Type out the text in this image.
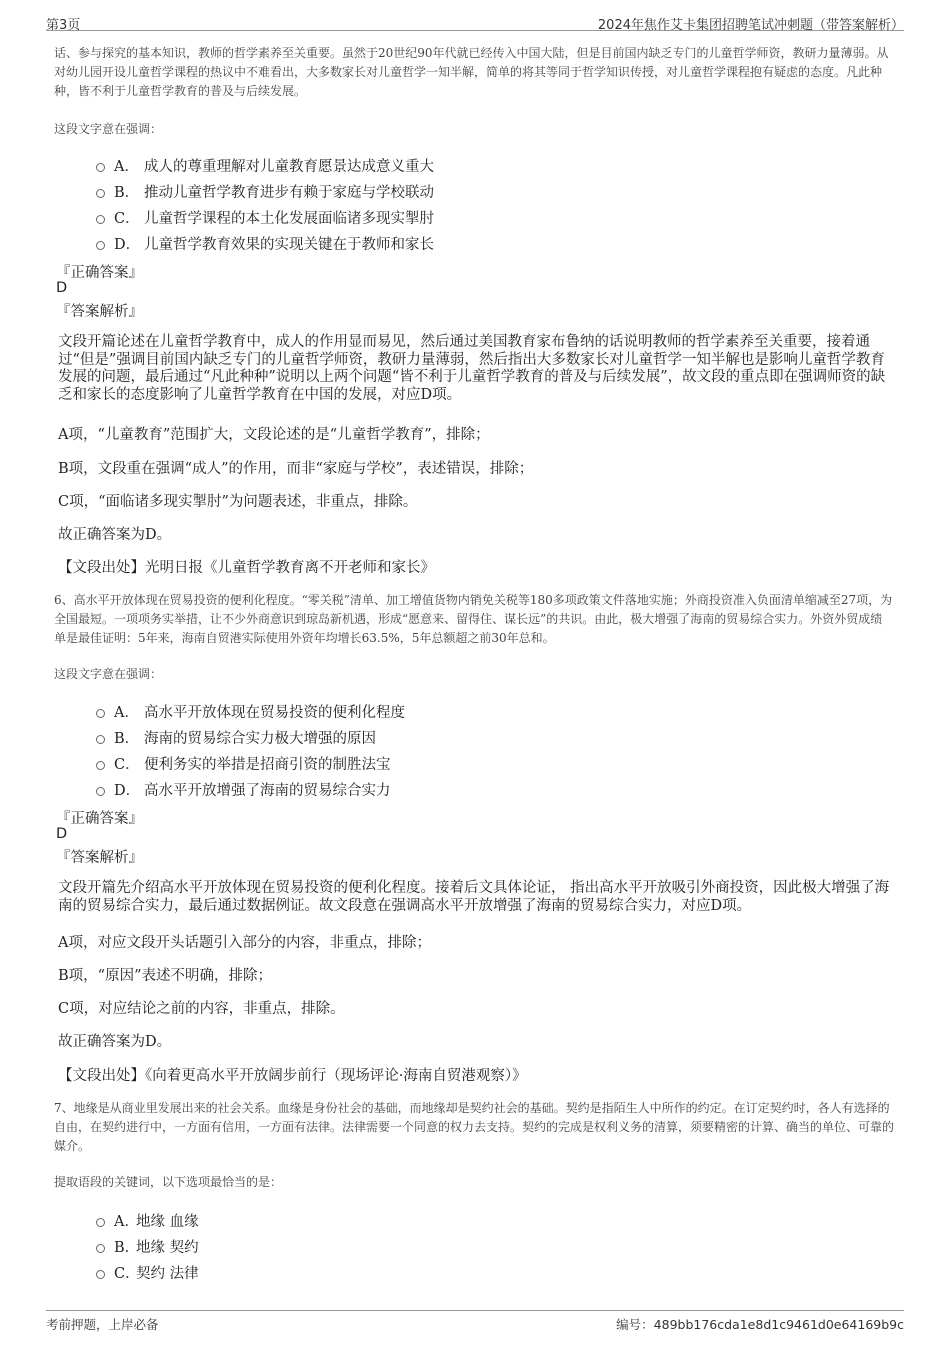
第3页	2024年焦作艾卡集团招聘笔试冲刺题（带答案解析）

话、参与探究的基本知识，教师的哲学素养至关重要。虽然于20世纪90年代就已经传入中国大陆，但是目前国内缺乏专门的儿童哲学师资，教研力量薄弱。从对幼儿园开设儿童哲学课程的热议中不难看出，大多数家长对儿童哲学一知半解，简单的将其等同于哲学知识传授，对儿童哲学课程抱有疑虑的态度。凡此种种，皆不利于儿童哲学教育的普及与后续发展。

这段文字意在强调：
A． 成人的尊重理解对儿童教育愿景达成意义重大
B． 推动儿童哲学教育进步有赖于家庭与学校联动
C． 儿童哲学课程的本土化发展面临诸多现实掣肘
D． 儿童哲学教育效果的实现关键在于教师和家长
『正确答案』
D
『答案解析』

文段开篇论述在儿童哲学教育中，成人的作用显而易见，然后通过美国教育家布鲁纳的话说明教师的哲学素养至关重要，接着通过“但是”强调目前国内缺乏专门的儿童哲学师资，教研力量薄弱，然后指出大多数家长对儿童哲学一知半解也是影响儿童哲学教育发展的问题，最后通过“凡此种种”说明以上两个问题“皆不利于儿童哲学教育的普及与后续发展”，故文段的重点即在强调师资的缺乏和家长的态度影响了儿童哲学教育在中国的发展，对应D项。

A项，“儿童教育”范围扩大，文段论述的是“儿童哲学教育”，排除；
B项，文段重在强调“成人”的作用，而非“家庭与学校”，表述错误，排除；
C项，“面临诸多现实掣肘”为问题表述，非重点，排除。
故正确答案为D。
【文段出处】光明日报《儿童哲学教育离不开老师和家长》

6、高水平开放体现在贸易投资的便利化程度。“零关税”清单、加工增值货物内销免关税等180多项政策文件落地实施；外商投资准入负面清单缩减至27项，为全国最短。一项项务实举措，让不少外商意识到琼岛新机遇，形成“愿意来、留得住、谋长远”的共识。由此，极大增强了海南的贸易综合实力。外资外贸成绩单是最佳证明：5年来，海南自贸港实际使用外资年均增长63.5%，5年总额超之前30年总和。

这段文字意在强调：
A． 高水平开放体现在贸易投资的便利化程度
B． 海南的贸易综合实力极大增强的原因
C． 便利务实的举措是招商引资的制胜法宝
D． 高水平开放增强了海南的贸易综合实力
『正确答案』
D
『答案解析』

文段开篇先介绍高水平开放体现在贸易投资的便利化程度。接着后文具体论证， 指出高水平开放吸引外商投资，因此极大增强了海南的贸易综合实力，最后通过数据例证。故文段意在强调高水平开放增强了海南的贸易综合实力，对应D项。

A项，对应文段开头话题引入部分的内容，非重点，排除；
B项，“原因”表述不明确，排除；
C项，对应结论之前的内容，非重点，排除。
故正确答案为D。
【文段出处】《向着更高水平开放阔步前行（现场评论·海南自贸港观察）》

7、地缘是从商业里发展出来的社会关系。血缘是身份社会的基础，而地缘却是契约社会的基础。契约是指陌生人中所作的约定。在订定契约时，各人有选择的自由，在契约进行中，一方面有信用，一方面有法律。法律需要一个同意的权力去支持。契约的完成是权利义务的清算，须要精密的计算、确当的单位、可靠的媒介。

提取语段的关键词，以下选项最恰当的是：
A．
地缘 血缘
B．
地缘 契约
C．
契约 法律
考前押题，上岸必备	编号：489bb176cda1e8d1c9461d0e64169b9c
